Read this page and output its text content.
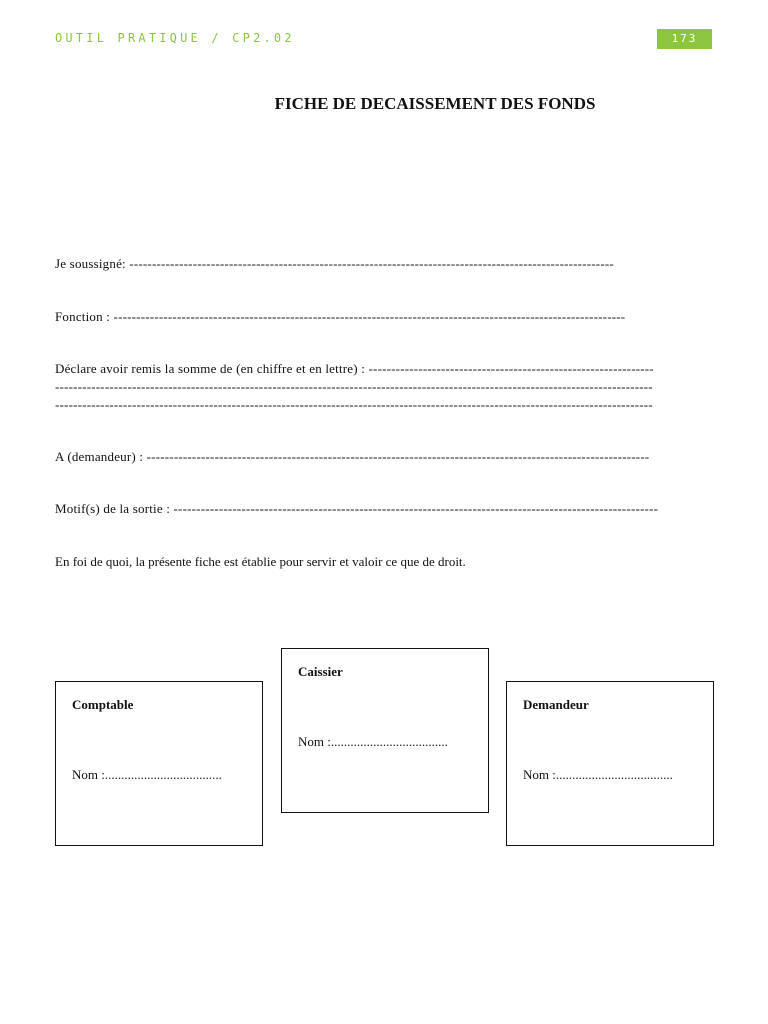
OUTIL PRATIQUE / CP2.02	173
FICHE DE DECAISSEMENT DES FONDS
Je soussigné: -----------------------------------------------------------------------------------------------------------
Fonction : -----------------------------------------------------------------------------------------------------------------
Déclare avoir remis la somme de (en chiffre et en lettre) : ---------------------------------------------------------------
------------------------------------------------------------------------------------------------------------------------------------
------------------------------------------------------------------------------------------------------------------------------------
A (demandeur) : ---------------------------------------------------------------------------------------------------------------
Motif(s) de la sortie : -----------------------------------------------------------------------------------------------------------
En foi de quoi, la présente fiche est établie pour servir et valoir ce que de droit.
Comptable
Nom :....................................
Caissier
Nom :....................................
Demandeur
Nom :....................................
